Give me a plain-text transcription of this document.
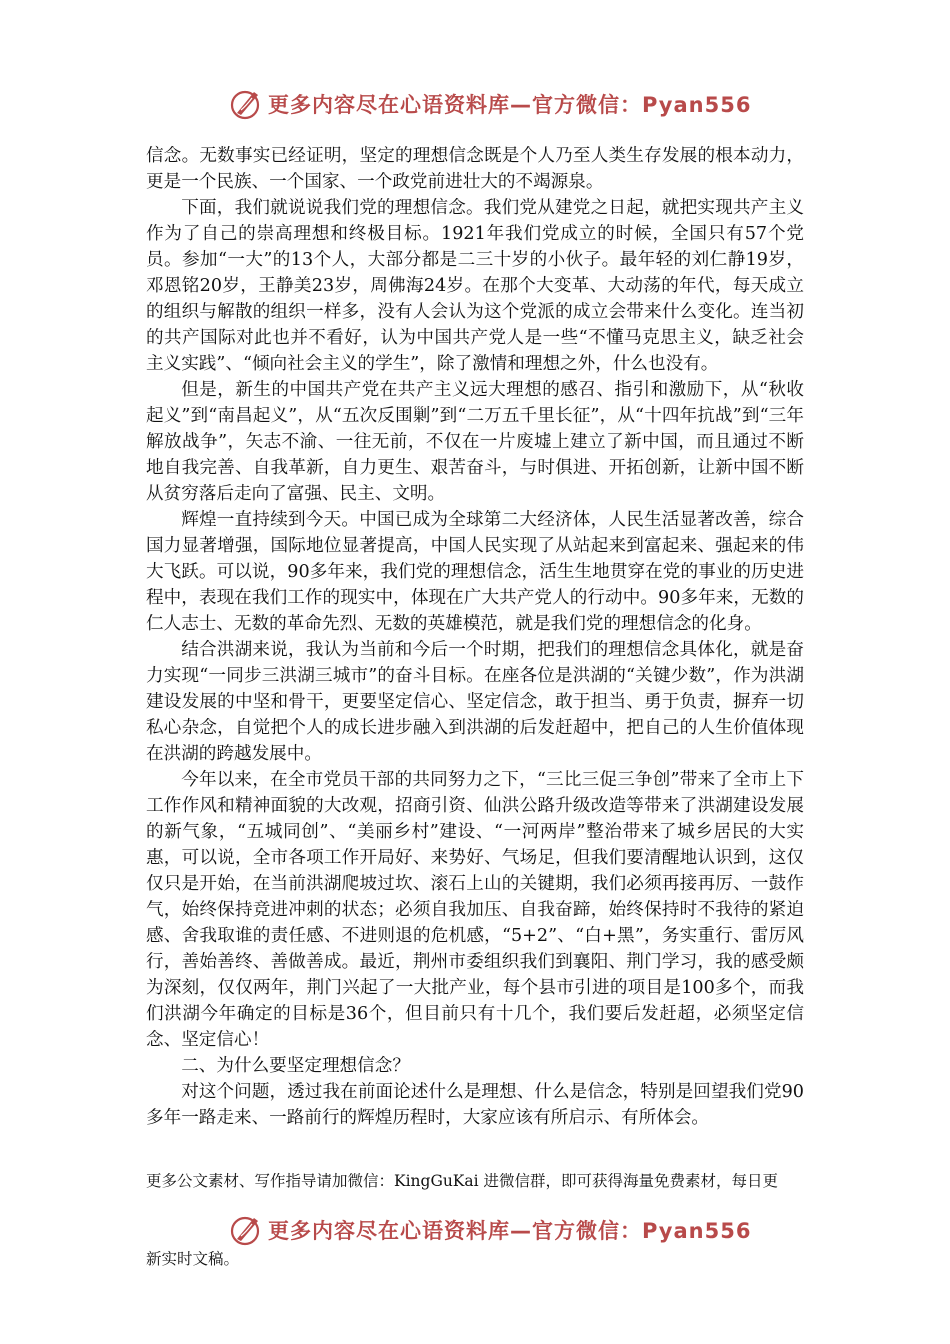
更多内容尽在心语资料库—官方微信：Pyan556

信念。无数事实已经证明，坚定的理想信念既是个人乃至人类生存发展的根本动力，更是一个民族、一个国家、一个政党前进壮大的不竭源泉。

下面，我们就说说我们党的理想信念。我们党从建党之日起，就把实现共产主义作为了自己的崇高理想和终极目标。1921年我们党成立的时候，全国只有57个党员。参加“一大”的13个人，大部分都是二三十岁的小伙子。最年轻的刘仁静19岁，邓恩铭20岁，王静美23岁，周佛海24岁。在那个大变革、大动荡的年代，每天成立的组织与解散的组织一样多，没有人会认为这个党派的成立会带来什么变化。连当初的共产国际对此也并不看好，认为中国共产党人是一些“不懂马克思主义，缺乏社会主义实践”、“倾向社会主义的学生”，除了激情和理想之外，什么也没有。

但是，新生的中国共产党在共产主义远大理想的感召、指引和激励下，从“秋收起义”到“南昌起义”，从“五次反围剿”到“二万五千里长征”，从“十四年抗战”到“三年解放战争”，矢志不渝、一往无前，不仅在一片废墟上建立了新中国，而且通过不断地自我完善、自我革新，自力更生、艰苦奋斗，与时俱进、开拓创新，让新中国不断从贫穷落后走向了富强、民主、文明。

辉煌一直持续到今天。中国已成为全球第二大经济体，人民生活显著改善，综合国力显著增强，国际地位显著提高，中国人民实现了从站起来到富起来、强起来的伟大飞跃。可以说，90多年来，我们党的理想信念，活生生地贯穿在党的事业的历史进程中，表现在我们工作的现实中，体现在广大共产党人的行动中。90多年来，无数的仁人志士、无数的革命先烈、无数的英雄模范，就是我们党的理想信念的化身。

结合洪湖来说，我认为当前和今后一个时期，把我们的理想信念具体化，就是奋力实现“一同步三洪湖三城市”的奋斗目标。在座各位是洪湖的“关键少数”，作为洪湖建设发展的中坚和骨干，更要坚定信心、坚定信念，敢于担当、勇于负责，摒弃一切私心杂念，自觉把个人的成长进步融入到洪湖的后发赶超中，把自己的人生价值体现在洪湖的跨越发展中。

今年以来，在全市党员干部的共同努力之下，“三比三促三争创”带来了全市上下工作作风和精神面貌的大改观，招商引资、仙洪公路升级改造等带来了洪湖建设发展的新气象，“五城同创”、“美丽乡村”建设、“一河两岸”整治带来了城乡居民的大实惠，可以说，全市各项工作开局好、来势好、气场足，但我们要清醒地认识到，这仅仅只是开始，在当前洪湖爬坡过坎、滚石上山的关键期，我们必须再接再厉、一鼓作气，始终保持竞进冲刺的状态；必须自我加压、自我奋蹄，始终保持时不我待的紧迫感、舍我取谁的责任感、不进则退的危机感，“5+2”、“白+黑”，务实重行、雷厉风行，善始善终、善做善成。最近，荆州市委组织我们到襄阳、荆门学习，我的感受颇为深刻，仅仅两年，荆门兴起了一大批产业，每个县市引进的项目是100多个，而我们洪湖今年确定的目标是36个，但目前只有十几个，我们要后发赶超，必须坚定信念、坚定信心！

二、为什么要坚定理想信念？

对这个问题，透过我在前面论述什么是理想、什么是信念，特别是回望我们党90多年一路走来、一路前行的辉煌历程时，大家应该有所启示、有所体会。

更多公文素材、写作指导请加微信：KingGuKai 进微信群，即可获得海量免费素材，每日更
更多内容尽在心语资料库—官方微信：Pyan556
新实时文稿。
